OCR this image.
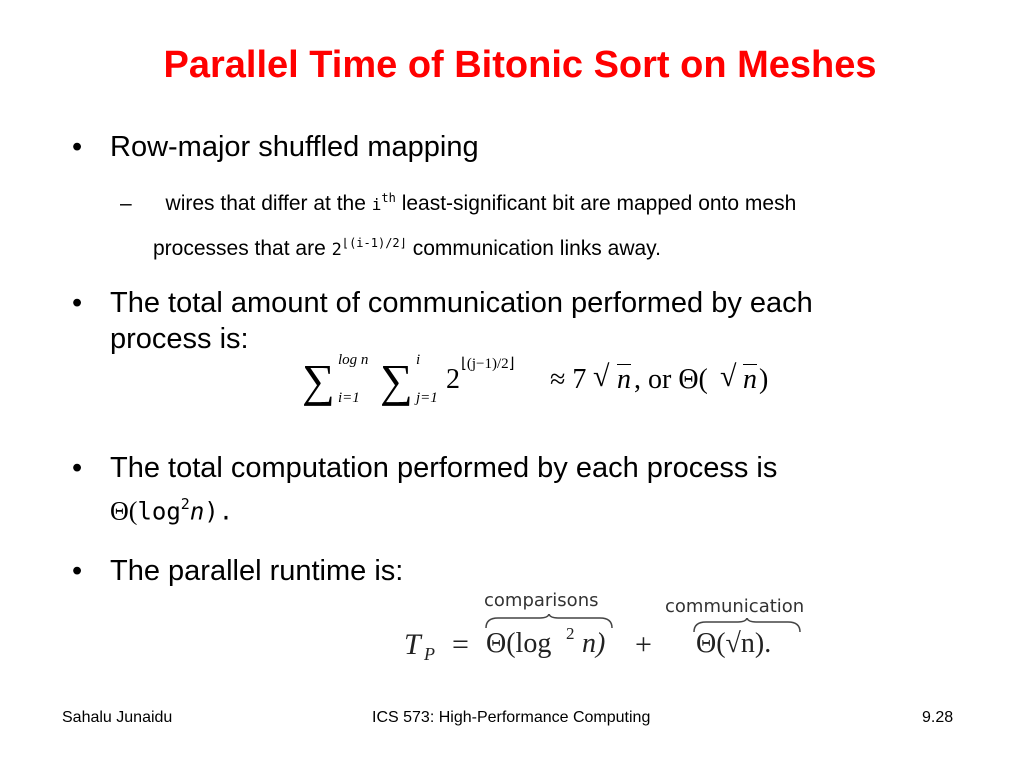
Parallel Time of Bitonic Sort on Meshes
• Row-major shuffled mapping
– wires that differ at the $i^{th}$ least-significant bit are mapped onto mesh
processes that are $2^{⌊(i-1)/2⌋}$ communication links away.
• The total amount of communication performed by each
process is:
∑ log n
i=1 ∑ i
j=1
2 ⌊(j−1)/2⌋ ≈ 7 √ n , or Θ( √ n )
• The total computation performed by each process is
$\Theta(\log^2n)$.
• The parallel runtime is:
comparisons	communication
T P = Θ(log 2 n) + Θ(√n).
Sahalu Junaidu	ICS 573: High-Performance Computing	9.28
